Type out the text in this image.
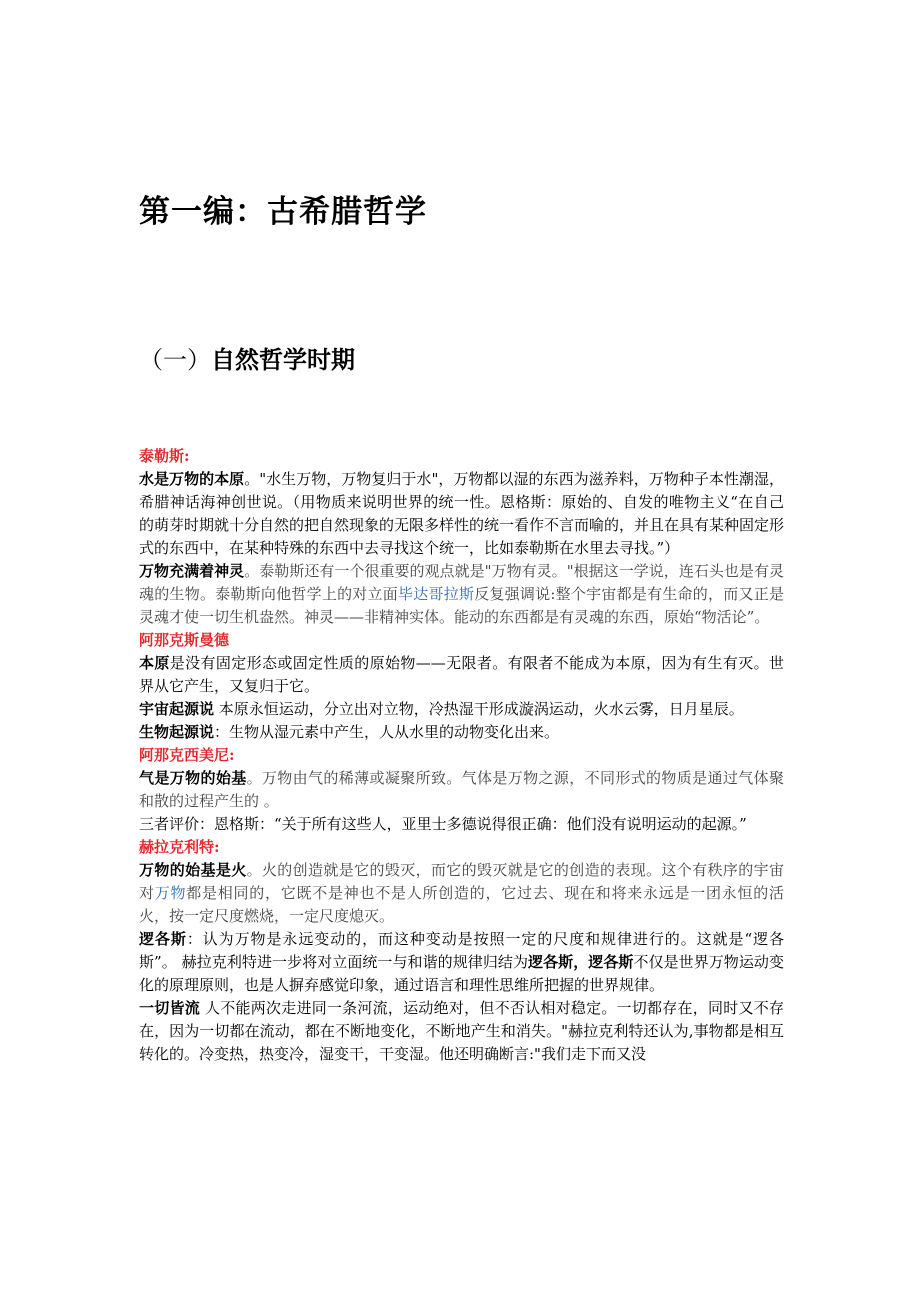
第一编：古希腊哲学
（一）自然哲学时期

泰勒斯:

水是万物的本原。"水生万物，万物复归于水"，万物都以湿的东西为滋养料，万物种子本性潮湿，希腊神话海神创世说。（用物质来说明世界的统一性。恩格斯：原始的、自发的唯物主义“在自己的萌芽时期就十分自然的把自然现象的无限多样性的统一看作不言而喻的，并且在具有某种固定形式的东西中，在某种特殊的东西中去寻找这个统一，比如泰勒斯在水里去寻找。”）

万物充满着神灵。泰勒斯还有一个很重要的观点就是"万物有灵。"根据这一学说，连石头也是有灵魂的生物。泰勒斯向他哲学上的对立面毕达哥拉斯反复强调说:整个宇宙都是有生命的，而又正是灵魂才使一切生机盎然。神灵——非精神实体。能动的东西都是有灵魂的东西，原始“物活论”。

阿那克斯曼德

本原是没有固定形态或固定性质的原始物——无限者。有限者不能成为本原，因为有生有灭。世界从它产生，又复归于它。

宇宙起源说 本原永恒运动，分立出对立物，冷热湿干形成漩涡运动，火水云雾，日月星辰。

生物起源说：生物从湿元素中产生，人从水里的动物变化出来。

阿那克西美尼:

气是万物的始基。万物由气的稀薄或凝聚所致。气体是万物之源，不同形式的物质是通过气体聚和散的过程产生的 。

三者评价：恩格斯：“关于所有这些人，亚里士多德说得很正确：他们没有说明运动的起源。”

赫拉克利特:

万物的始基是火。火的创造就是它的毁灭，而它的毁灭就是它的创造的表现。这个有秩序的宇宙对万物都是相同的，它既不是神也不是人所创造的，它过去、现在和将来永远是一团永恒的活火，按一定尺度燃烧，一定尺度熄灭。

逻各斯：认为万物是永远变动的，而这种变动是按照一定的尺度和规律进行的。这就是“逻各斯”。 赫拉克利特进一步将对立面统一与和谐的规律归结为逻各斯，逻各斯不仅是世界万物运动变化的原理原则，也是人摒弃感觉印象，通过语言和理性思维所把握的世界规律。

一切皆流 人不能两次走进同一条河流，运动绝对，但不否认相对稳定。一切都存在，同时又不存在，因为一切都在流动，都在不断地变化，不断地产生和消失。"赫拉克利特还认为,事物都是相互转化的。冷变热，热变冷，湿变干，干变湿。他还明确断言:"我们走下而又没
